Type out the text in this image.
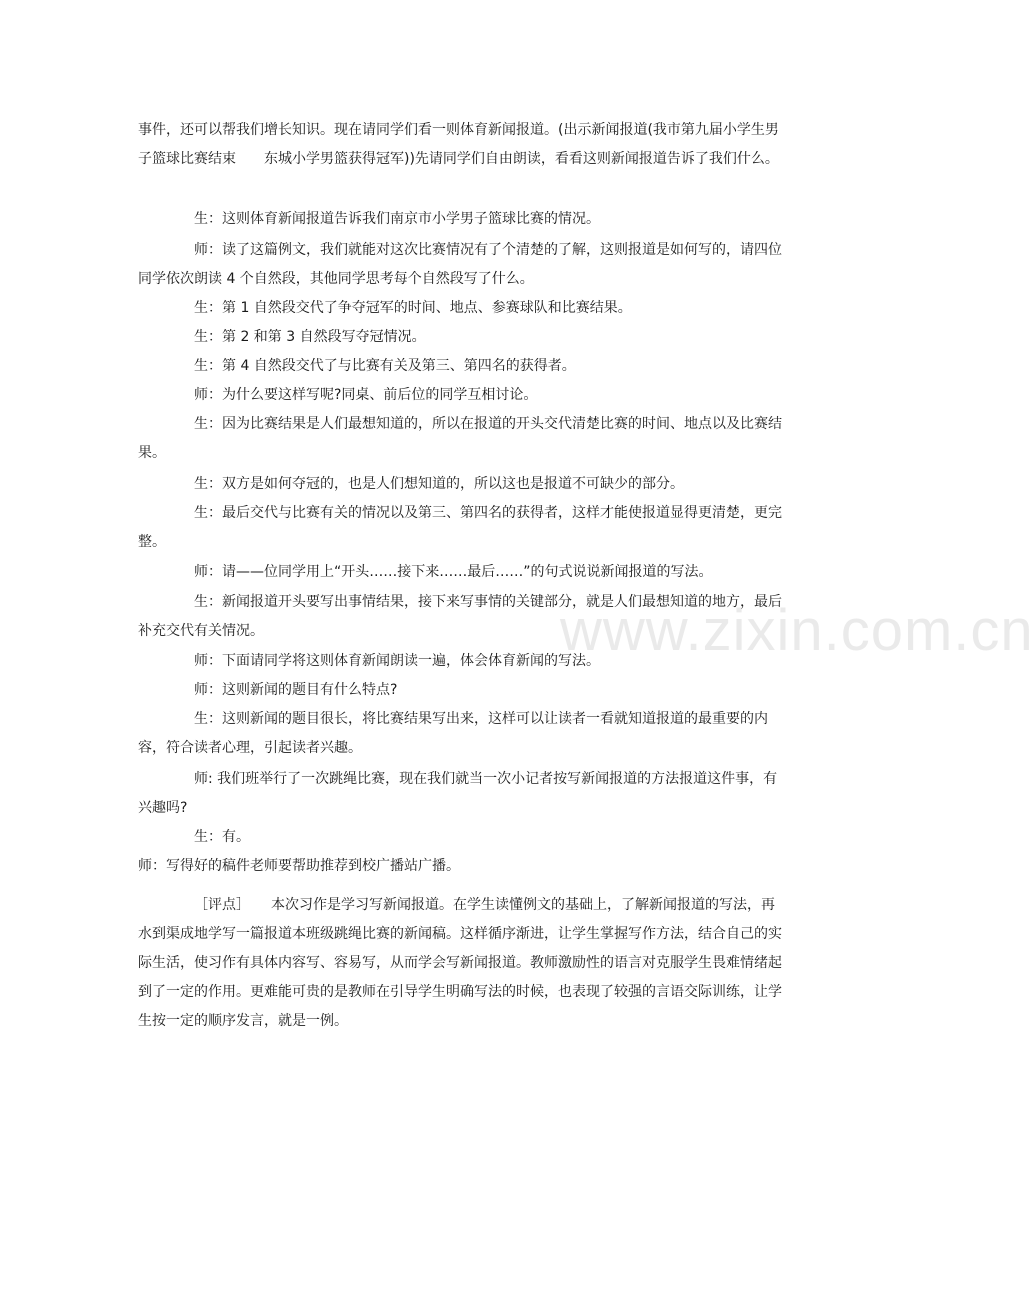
事件，还可以帮我们增长知识。现在请同学们看一则体育新闻报道。(出示新闻报道(我市第九届小学生男子篮球比赛结束　　东城小学男篮获得冠军))先请同学们自由朗读，看看这则新闻报道告诉了我们什么。

生：这则体育新闻报道告诉我们南京市小学男子篮球比赛的情况。

师：读了这篇例文，我们就能对这次比赛情况有了个清楚的了解，这则报道是如何写的，请四位同学依次朗读 4 个自然段，其他同学思考每个自然段写了什么。

生：第 1 自然段交代了争夺冠军的时间、地点、参赛球队和比赛结果。

生：第 2 和第 3 自然段写夺冠情况。

生：第 4 自然段交代了与比赛有关及第三、第四名的获得者。

师：为什么要这样写呢?同桌、前后位的同学互相讨论。

生：因为比赛结果是人们最想知道的，所以在报道的开头交代清楚比赛的时间、地点以及比赛结果。

生：双方是如何夺冠的，也是人们想知道的，所以这也是报道不可缺少的部分。

生：最后交代与比赛有关的情况以及第三、第四名的获得者，这样才能使报道显得更清楚，更完整。

师：请——位同学用上“开头……接下来……最后……”的句式说说新闻报道的写法。

生：新闻报道开头要写出事情结果，接下来写事情的关键部分，就是人们最想知道的地方，最后补充交代有关情况。

师：下面请同学将这则体育新闻朗读一遍，体会体育新闻的写法。

师：这则新闻的题目有什么特点?

生：这则新闻的题目很长，将比赛结果写出来，这样可以让读者一看就知道报道的最重要的内容，符合读者心理，引起读者兴趣。

师: 我们班举行了一次跳绳比赛，现在我们就当一次小记者按写新闻报道的方法报道这件事，有兴趣吗?

生：有。

师：写得好的稿件老师要帮助推荐到校广播站广播。

［评点］　　本次习作是学习写新闻报道。在学生读懂例文的基础上，了解新闻报道的写法，再水到渠成地学写一篇报道本班级跳绳比赛的新闻稿。这样循序渐进，让学生掌握写作方法，结合自己的实际生活，使习作有具体内容写、容易写，从而学会写新闻报道。教师激励性的语言对克服学生畏难情绪起到了一定的作用。更难能可贵的是教师在引导学生明确写法的时候，也表现了较强的言语交际训练，让学生按一定的顺序发言，就是一例。

www.zixin.com.cn
